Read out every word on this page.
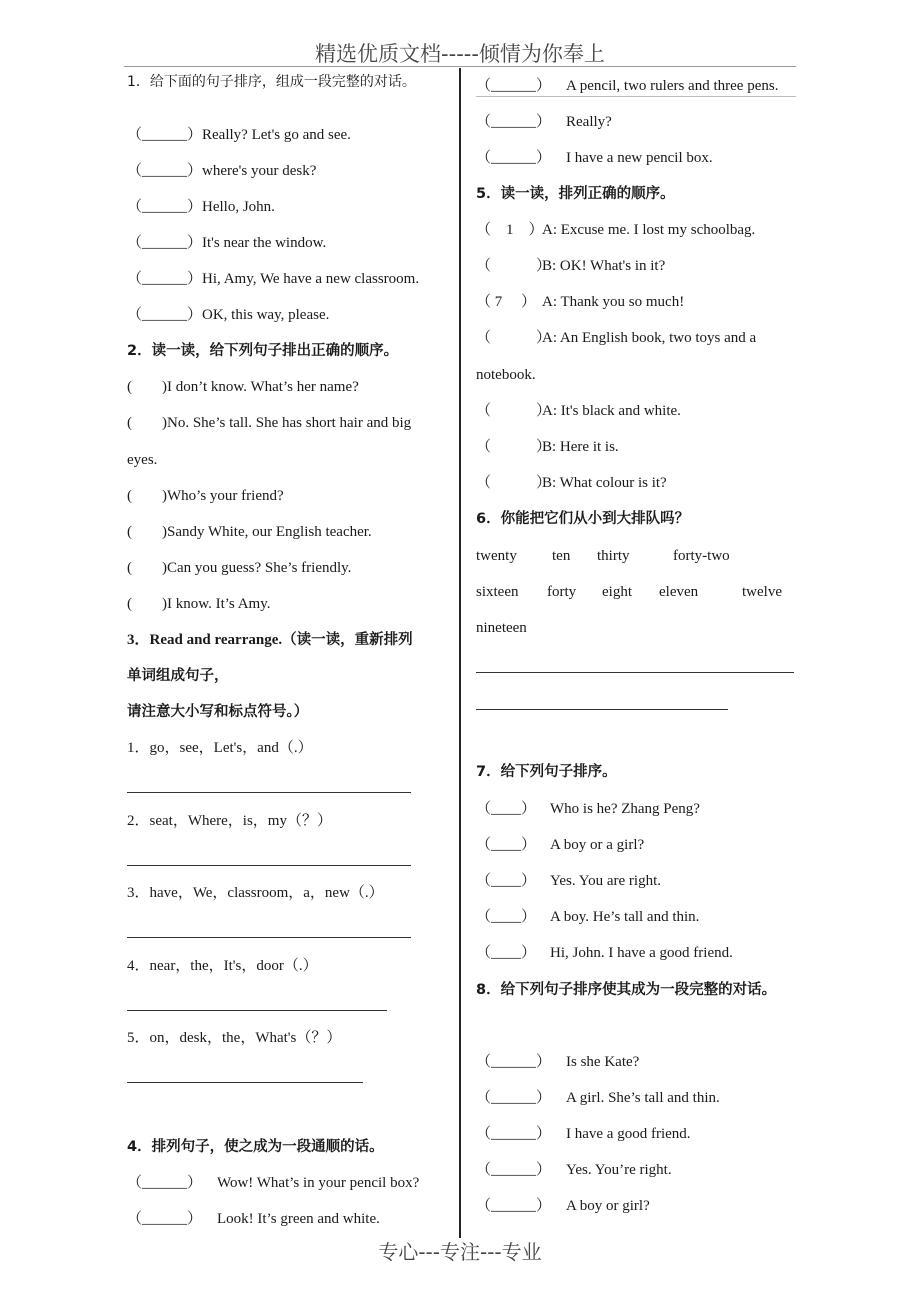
精选优质文档-----倾情为你奉上
1．给下面的句子排序，组成一段完整的对话。
（______）Really? Let's go and see.
（______）where's your desk?
（______）Hello, John.
（______）It's near the window.
（______）Hi, Amy, We have a new classroom.
（______）OK, this way, please.
2．读一读，给下列句子排出正确的顺序。
(　　)I don’t know. What’s her name?
(　　)No. She’s tall. She has short hair and big
eyes.
(　　)Who’s your friend?
(　　)Sandy White, our English teacher.
(　　)Can you guess? She’s friendly.
(　　)I know. It’s Amy.
3．Read and rearrange.（读一读，重新排列
单词组成句子，
请注意大小写和标点符号。）
1．go，see，Let's，and（.）
2．seat，Where，is，my（？）
3．have，We，classroom，a，new（.）
4．near，the，It's，door（.）
5．on，desk，the，What's（？）
4．排列句子，使之成为一段通顺的话。
（______） Wow! What’s in your pencil box?
（______） Look! It’s green and white.
（______） A pencil, two rulers and three pens.
（______） Really?
（______） I have a new pencil box.
5．读一读，排列正确的顺序。
（　1　）A: Excuse me. I lost my schoolbag.
（　　　）B: OK! What's in it?
（ 7　 ） A: Thank you so much!
（　　　）A: An English book, two toys and a
notebook.
（　　　）A: It's black and white.
（　　　）B: Here it is.
（　　　）B: What colour is it?
6．你能把它们从小到大排队吗？
twenty ten thirty	forty-two
sixteen forty eight eleven	twelve
nineteen
7．给下列句子排序。
（____） Who is he? Zhang Peng?
（____） A boy or a girl?
（____） Yes. You are right.
（____） A boy. He’s tall and thin.
（____） Hi, John. I have a good friend.
8．给下列句子排序使其成为一段完整的对话。
（______） Is she Kate?
（______） A girl. She’s tall and thin.
（______） I have a good friend.
（______） Yes. You’re right.
（______） A boy or girl?
专心---专注---专业
